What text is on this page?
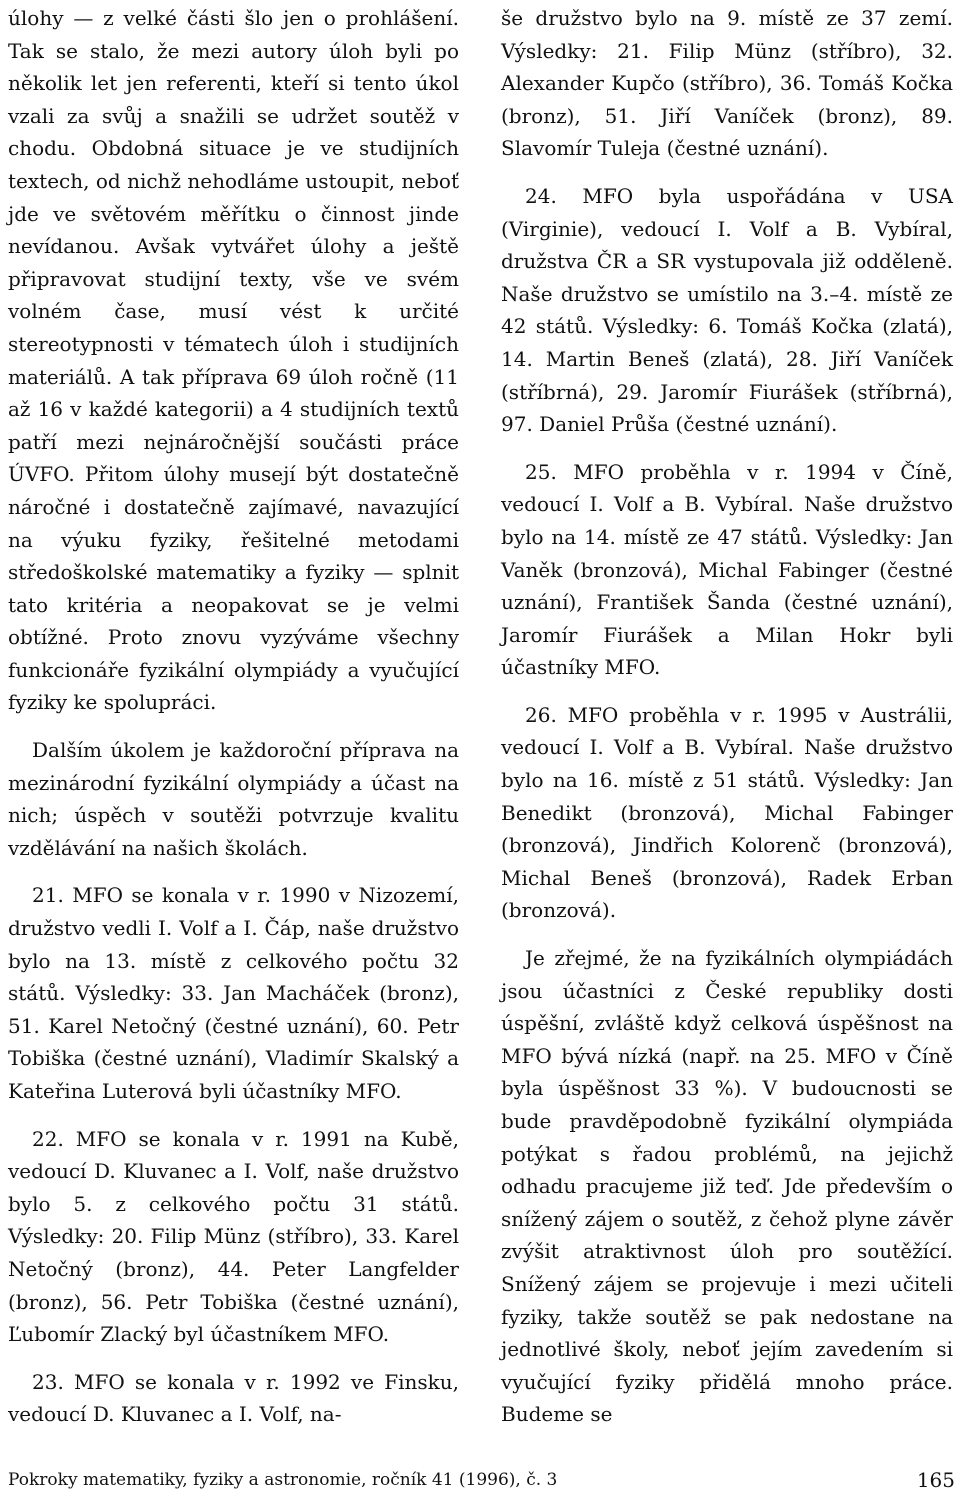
úlohy — z velké části šlo jen o prohlášení. Tak se stalo, že mezi autory úloh byli po několik let jen referenti, kteří si tento úkol vzali za svůj a snažili se udržet soutěž v chodu. Obdobná situace je ve studijních textech, od nichž nehodláme ustoupit, neboť jde ve světovém měřítku o činnost jinde nevídanou. Avšak vytvářet úlohy a ještě připravovat studijní texty, vše ve svém volném čase, musí vést k určité stereotypnosti v tématech úloh i studijních materiálů. A tak příprava 69 úloh ročně (11 až 16 v každé kategorii) a 4 studijních textů patří mezi nejnáročnější součásti práce ÚVFO. Přitom úlohy musejí být dostatečně náročné i dostatečně zajímavé, navazující na výuku fyziky, řešitelné metodami středoškolské matematiky a fyziky — splnit tato kritéria a neopakovat se je velmi obtížné. Proto znovu vyzýváme všechny funkcionáře fyzikální olympiády a vyučující fyziky ke spolupráci.

Dalším úkolem je každoroční příprava na mezinárodní fyzikální olympiády a účast na nich; úspěch v soutěži potvrzuje kvalitu vzdělávání na našich školách.

21. MFO se konala v r. 1990 v Nizozemí, družstvo vedli I. Volf a I. Čáp, naše družstvo bylo na 13. místě z celkového počtu 32 států. Výsledky: 33. Jan Macháček (bronz), 51. Karel Netočný (čestné uznání), 60. Petr Tobiška (čestné uznání), Vladimír Skalský a Kateřina Luterová byli účastníky MFO.

22. MFO se konala v r. 1991 na Kubě, vedoucí D. Kluvanec a I. Volf, naše družstvo bylo 5. z celkového počtu 31 států. Výsledky: 20. Filip Münz (stříbro), 33. Karel Netočný (bronz), 44. Peter Langfelder (bronz), 56. Petr Tobiška (čestné uznání), Ľubomír Zlacký byl účastníkem MFO.

23. MFO se konala v r. 1992 ve Finsku, vedoucí D. Kluvanec a I. Volf, na-

še družstvo bylo na 9. místě ze 37 zemí. Výsledky: 21. Filip Münz (stříbro), 32. Alexander Kupčo (stříbro), 36. Tomáš Kočka (bronz), 51. Jiří Vaníček (bronz), 89. Slavomír Tuleja (čestné uznání).

24. MFO byla uspořádána v USA (Virginie), vedoucí I. Volf a B. Vybíral, družstva ČR a SR vystupovala již odděleně. Naše družstvo se umístilo na 3.–4. místě ze 42 států. Výsledky: 6. Tomáš Kočka (zlatá), 14. Martin Beneš (zlatá), 28. Jiří Vaníček (stříbrná), 29. Jaromír Fiurášek (stříbrná), 97. Daniel Průša (čestné uznání).

25. MFO proběhla v r. 1994 v Číně, vedoucí I. Volf a B. Vybíral. Naše družstvo bylo na 14. místě ze 47 států. Výsledky: Jan Vaněk (bronzová), Michal Fabinger (čestné uznání), František Šanda (čestné uznání), Jaromír Fiurášek a Milan Hokr byli účastníky MFO.

26. MFO proběhla v r. 1995 v Austrálii, vedoucí I. Volf a B. Vybíral. Naše družstvo bylo na 16. místě z 51 států. Výsledky: Jan Benedikt (bronzová), Michal Fabinger (bronzová), Jindřich Kolorenč (bronzová), Michal Beneš (bronzová), Radek Erban (bronzová).

Je zřejmé, že na fyzikálních olympiádách jsou účastníci z České republiky dosti úspěšní, zvláště když celková úspěšnost na MFO bývá nízká (např. na 25. MFO v Číně byla úspěšnost 33 %). V budoucnosti se bude pravděpodobně fyzikální olympiáda potýkat s řadou problémů, na jejichž odhadu pracujeme již teď. Jde především o snížený zájem o soutěž, z čehož plyne závěr zvýšit atraktivnost úloh pro soutěžící. Snížený zájem se projevuje i mezi učiteli fyziky, takže soutěž se pak nedostane na jednotlivé školy, neboť jejím zavedením si vyučující fyziky přidělá mnoho práce. Budeme se

Pokroky matematiky, fyziky a astronomie, ročník 41 (1996), č. 3	165
